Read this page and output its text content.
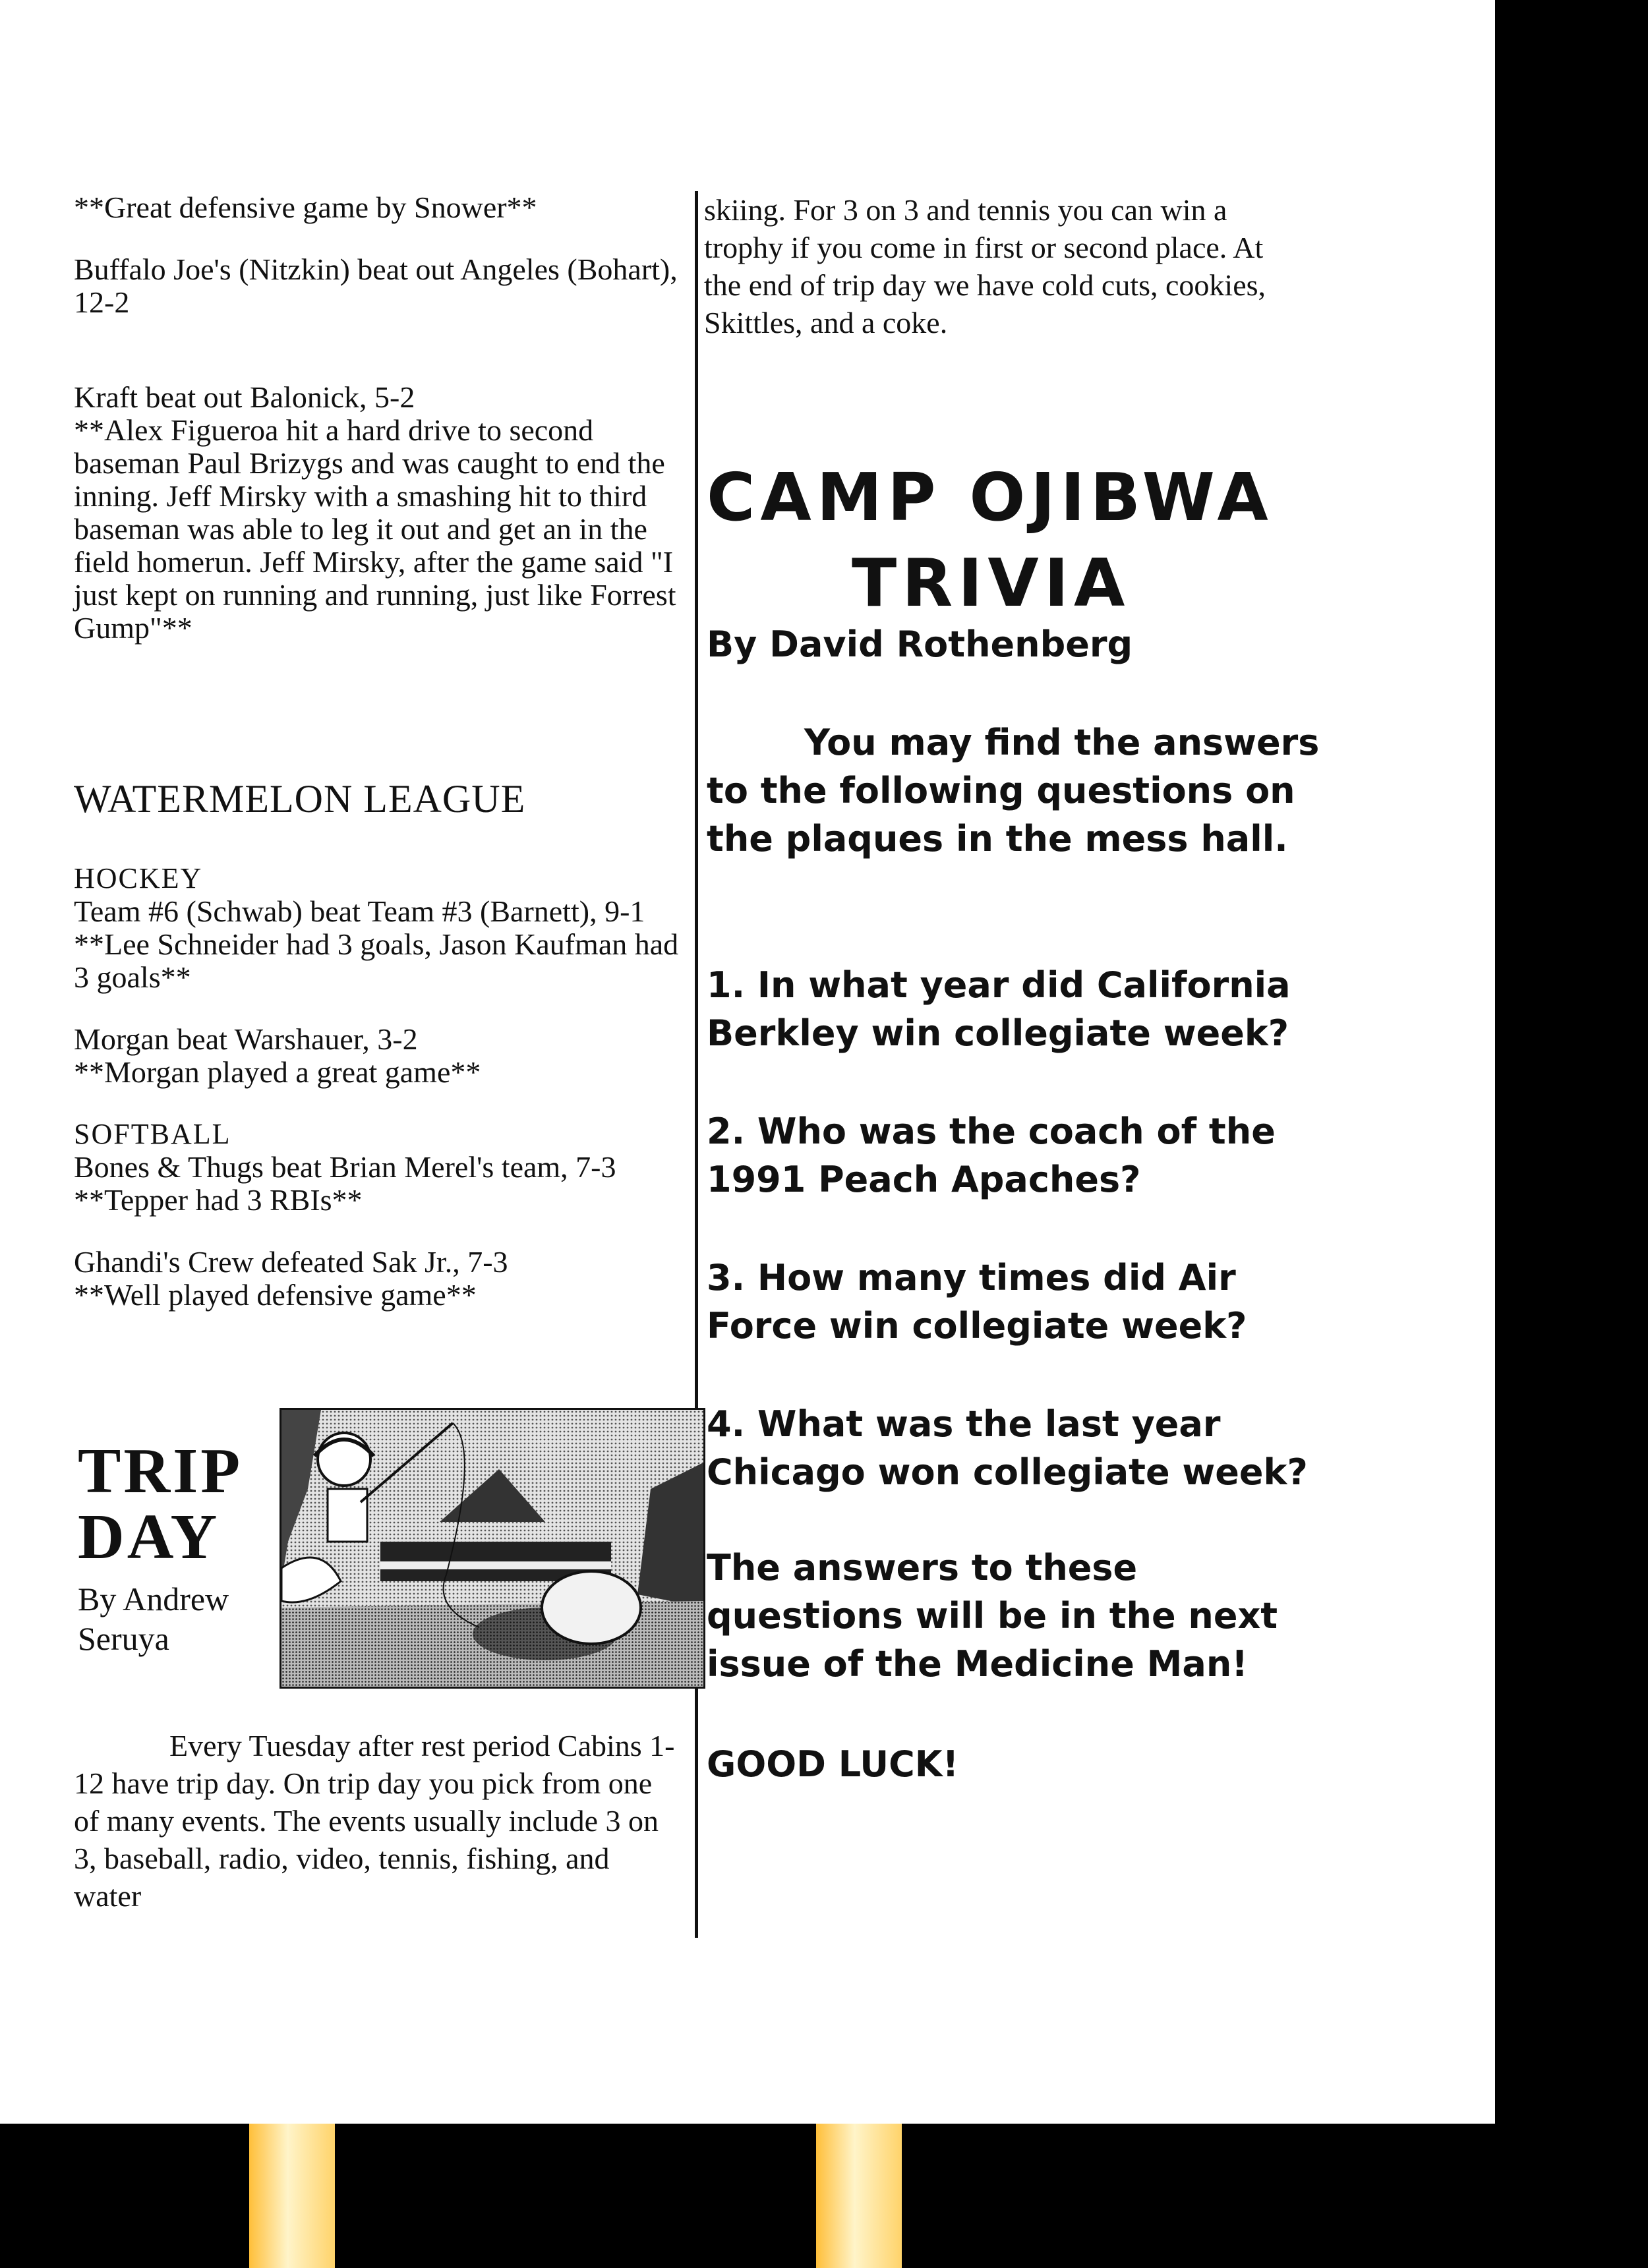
**Great defensive game by Snower**

Buffalo Joe's (Nitzkin) beat out Angeles (Bohart), 12-2

Kraft beat out Balonick, 5-2

**Alex Figueroa hit a hard drive to second baseman Paul Brizygs and was caught to end the inning. Jeff Mirsky with a smashing hit to third baseman was able to leg it out and get an in the field homerun. Jeff Mirsky, after the game said "I just kept on running and running, just like Forrest Gump"**

WATERMELON LEAGUE

HOCKEY

Team #6 (Schwab) beat Team #3 (Barnett), 9-1

**Lee Schneider had 3 goals, Jason Kaufman had 3 goals**

Morgan beat Warshauer, 3-2

**Morgan played a great game**

SOFTBALL

Bones & Thugs beat Brian Merel's team, 7-3

**Tepper had 3 RBIs**

Ghandi's Crew defeated Sak Jr., 7-3

**Well played defensive game**

TRIP
DAY
By Andrew
Seruya
Every Tuesday after rest period Cabins 1- 12 have trip day. On trip day you pick from one of many events. The events usually include 3 on 3, baseball, radio, video, tennis, fishing, and water
skiing. For 3 on 3 and tennis you can win a trophy if you come in first or second place. At the end of trip day we have cold cuts, cookies, Skittles, and a coke.
CAMP OJIBWA
TRIVIA
By David Rothenberg
You may find the answers to the following questions on the plaques in the mess hall.
1. In what year did California Berkley win collegiate week?
2. Who was the coach of the 1991 Peach Apaches?
3. How many times did Air Force win collegiate week?
4. What was the last year Chicago won collegiate week?
The answers to these questions will be in the next issue of the Medicine Man!
GOOD LUCK!
